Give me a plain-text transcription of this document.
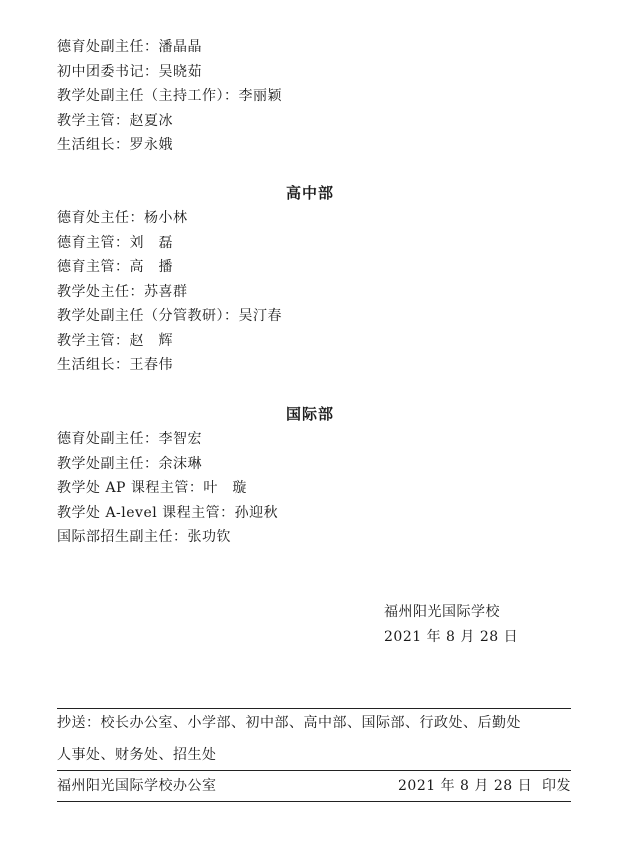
德育处副主任：潘晶晶
初中团委书记：吴晓茹
教学处副主任（主持工作）：李丽颖
教学主管：赵夏冰
生活组长：罗永娥
高中部
德育处主任：杨小林
德育主管：刘　磊
德育主管：高　播
教学处主任：苏喜群
教学处副主任（分管教研）：吴汀春
教学主管：赵　辉
生活组长：王春伟
国际部
德育处副主任：李智宏
教学处副主任：余沫琳
教学处 AP 课程主管：叶　璇
教学处 A-level 课程主管：孙迎秋
国际部招生副主任：张功钦
福州阳光国际学校
2021 年 8 月 28 日
抄送：校长办公室、小学部、初中部、高中部、国际部、行政处、后勤处
人事处、财务处、招生处
福州阳光国际学校办公室	2021 年 8 月 28 日  印发
